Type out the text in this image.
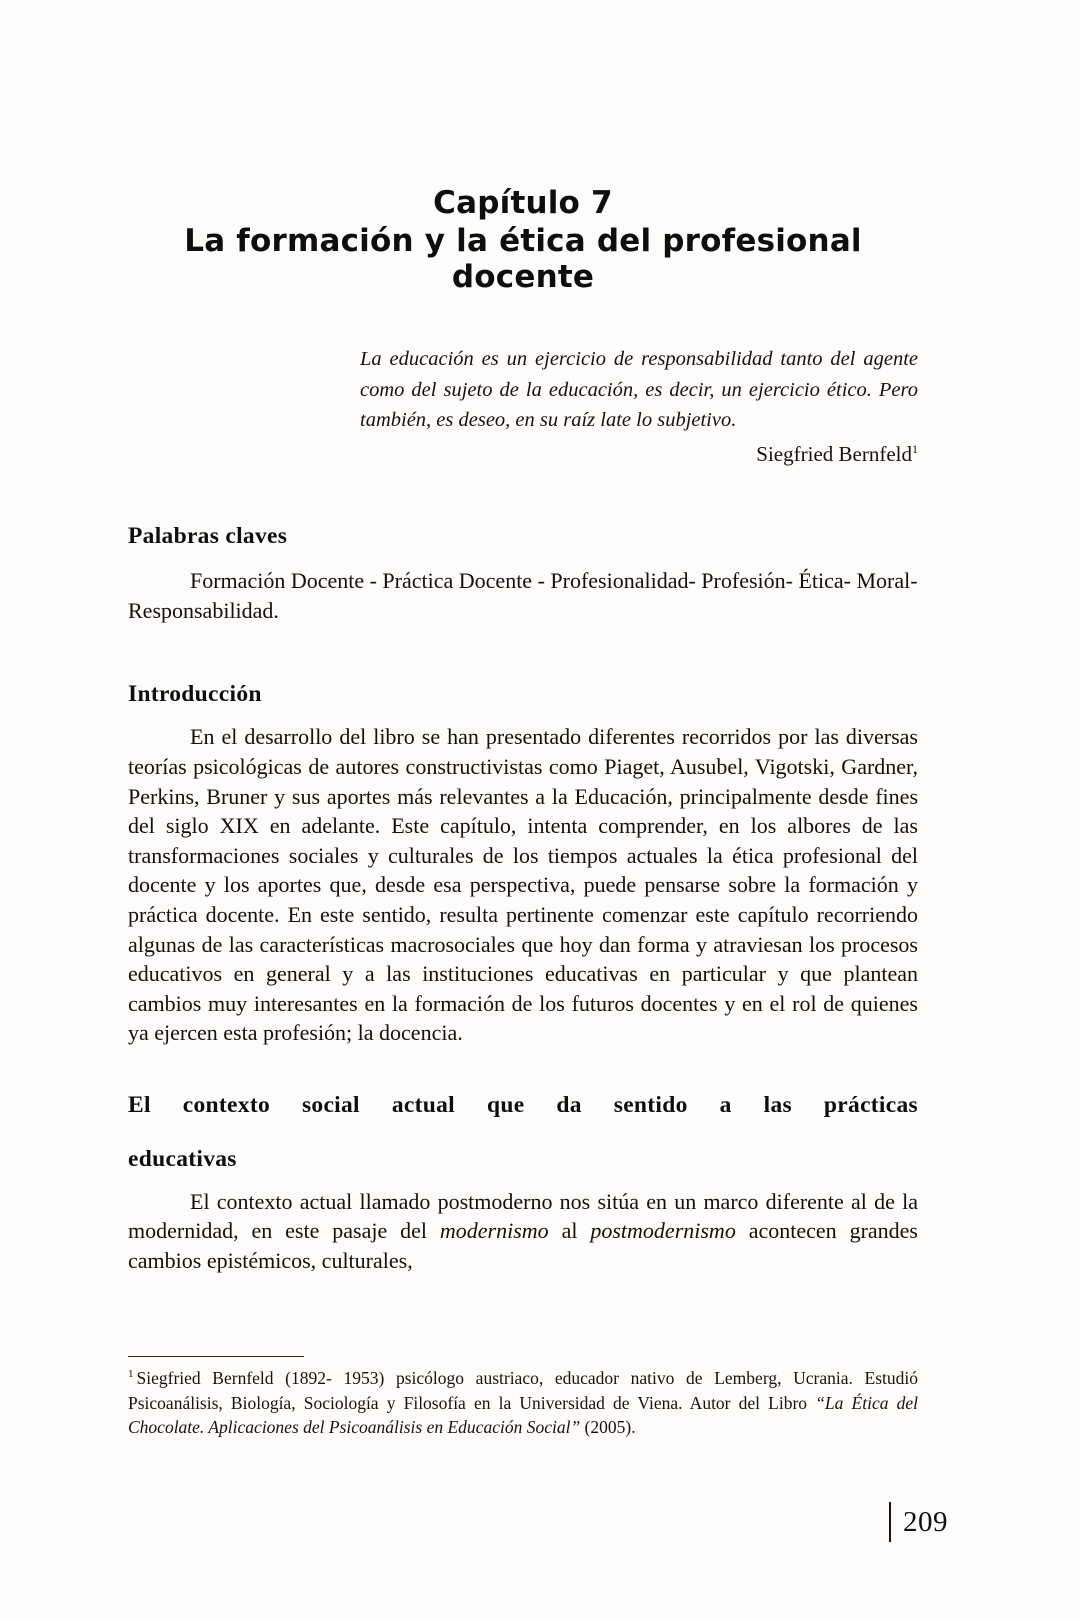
Capítulo 7
La formación y la ética del profesional docente
La educación es un ejercicio de responsabilidad tanto del agente como del sujeto de la educación, es decir, un ejercicio ético. Pero también, es deseo, en su raíz late lo subjetivo.
Siegfried Bernfeld$^1$
Palabras claves

Formación Docente - Práctica Docente - Profesionalidad- Profesión- Ética- Moral- Responsabilidad.

Introducción

En el desarrollo del libro se han presentado diferentes recorridos por las diversas teorías psicológicas de autores constructivistas como Piaget, Ausubel, Vigotski, Gardner, Perkins, Bruner y sus aportes más relevantes a la Educación, principalmente desde fines del siglo XIX en adelante. Este capítulo, intenta comprender, en los albores de las transformaciones sociales y culturales de los tiempos actuales la ética profesional del docente y los aportes que, desde esa perspectiva, puede pensarse sobre la formación y práctica docente. En este sentido, resulta pertinente comenzar este capítulo recorriendo algunas de las características macrosociales que hoy dan forma y atraviesan los procesos educativos en general y a las instituciones educativas en particular y que plantean cambios muy interesantes en la formación de los futuros docentes y en el rol de quienes ya ejercen esta profesión; la docencia.

El contexto social actual que da sentido a las prácticas
educativas

El contexto actual llamado postmoderno nos sitúa en un marco diferente al de la modernidad, en este pasaje del modernismo al postmodernismo acontecen grandes cambios epistémicos, culturales,

$^1$ Siegfried Bernfeld (1892- 1953) psicólogo austriaco, educador nativo de Lemberg, Ucrania. Estudió Psicoanálisis, Biología, Sociología y Filosofía en la Universidad de Viena. Autor del Libro “La Ética del Chocolate. Aplicaciones del Psicoanálisis en Educación Social” (2005).
209
